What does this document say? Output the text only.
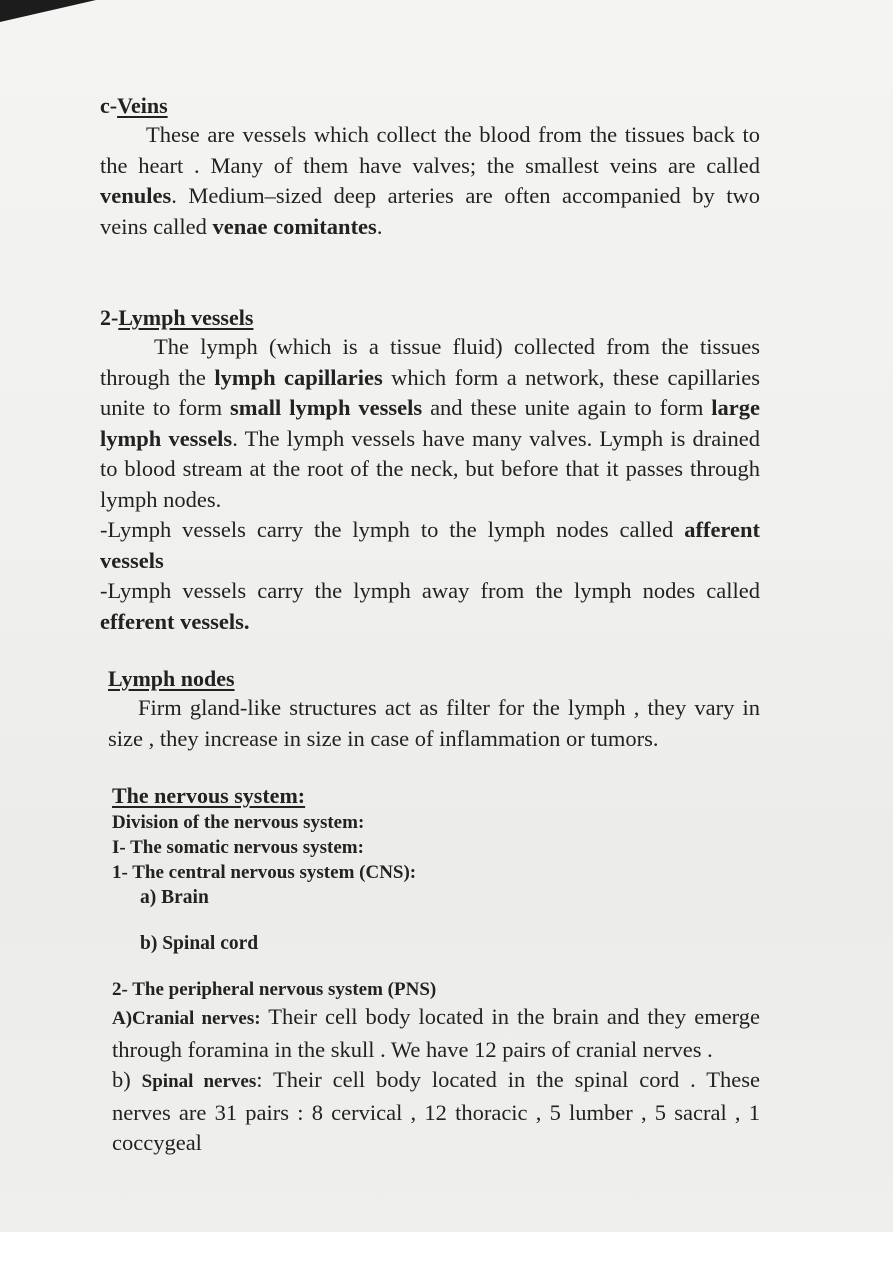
c-Veins

These are vessels which collect the blood from the tissues back to the heart . Many of them have valves; the smallest veins are called venules. Medium–sized deep arteries are often accompanied by two veins called venae comitantes.

2-Lymph vessels

The lymph (which is a tissue fluid) collected from the tissues through the lymph capillaries which form a network, these capillaries unite to form small lymph vessels and these unite again to form large lymph vessels. The lymph vessels have many valves. Lymph is drained to blood stream at the root of the neck, but before that it passes through lymph nodes.

-Lymph vessels carry the lymph to the lymph nodes called afferent vessels

-Lymph vessels carry the lymph away from the lymph nodes called efferent vessels.

Lymph nodes

Firm gland-like structures act as filter for the lymph , they vary in size , they increase in size in case of inflammation or tumors.

The nervous system:

Division of the nervous system:

I- The somatic nervous system:

1- The central nervous system (CNS):

a) Brain

b) Spinal cord

2- The peripheral nervous system (PNS)

A)Cranial nerves: Their cell body located in the brain and they emerge through foramina in the skull . We have 12 pairs of cranial nerves .

b) Spinal nerves: Their cell body located in the spinal cord . These nerves are 31 pairs : 8 cervical , 12 thoracic , 5 lumber , 5 sacral , 1 coccygeal
